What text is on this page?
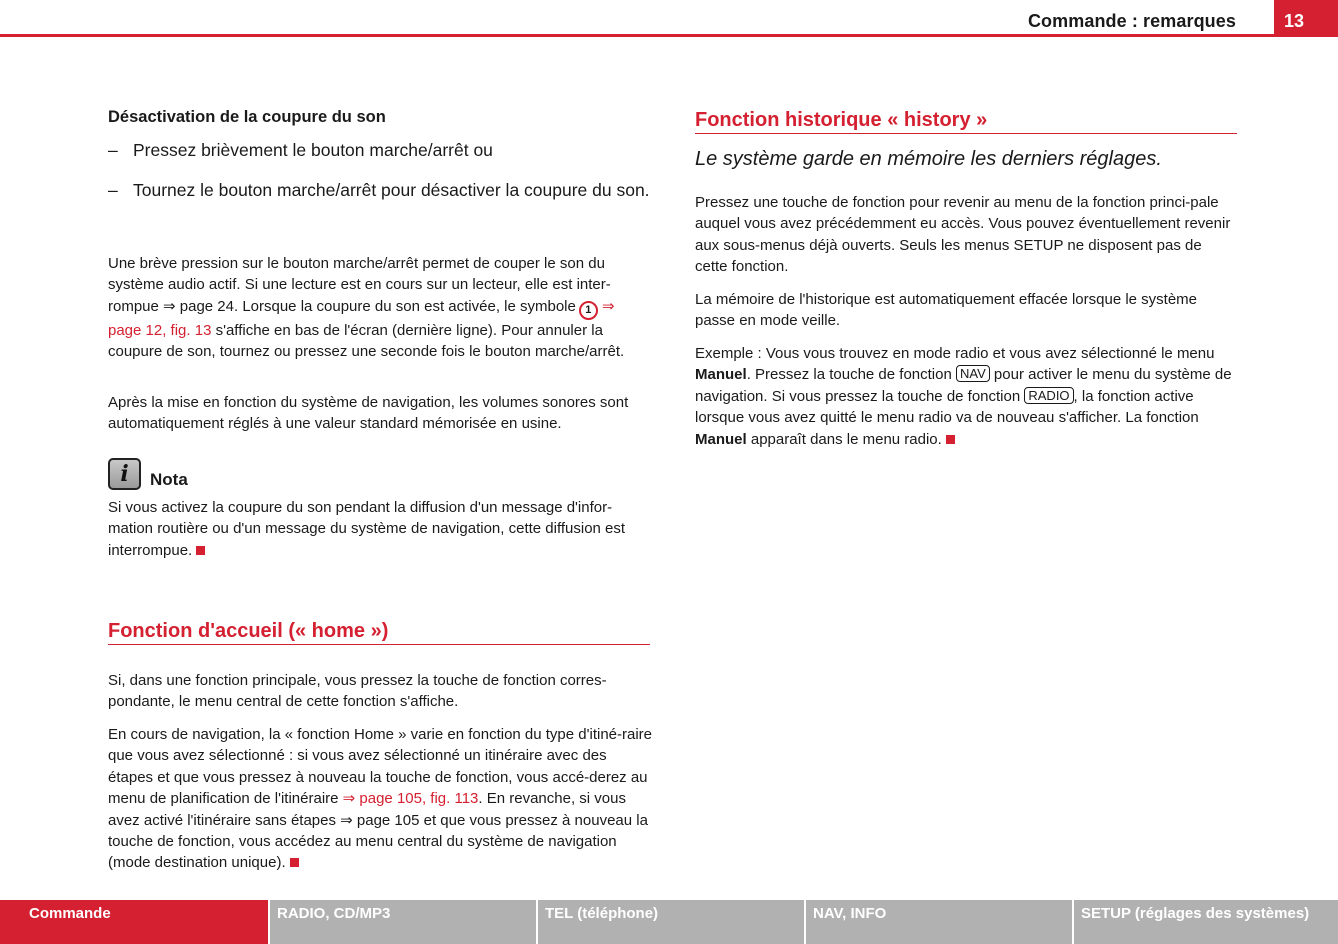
Commande : remarques	13
Désactivation de la coupure du son
– Pressez brièvement le bouton marche/arrêt ou
– Tournez le bouton marche/arrêt pour désactiver la coupure du son.
Une brève pression sur le bouton marche/arrêt permet de couper le son du système audio actif. Si une lecture est en cours sur un lecteur, elle est inter-rompue ⇒ page 24. Lorsque la coupure du son est activée, le symbole 1 ⇒ page 12, fig. 13 s'affiche en bas de l'écran (dernière ligne). Pour annuler la coupure de son, tournez ou pressez une seconde fois le bouton marche/arrêt.
Après la mise en fonction du système de navigation, les volumes sonores sont automatiquement réglés à une valeur standard mémorisée en usine.
i	Nota
Si vous activez la coupure du son pendant la diffusion d'un message d'infor-mation routière ou d'un message du système de navigation, cette diffusion est interrompue.
Fonction d'accueil (« home »)
Si, dans une fonction principale, vous pressez la touche de fonction corres-pondante, le menu central de cette fonction s'affiche.
En cours de navigation, la « fonction Home » varie en fonction du type d'itiné-raire que vous avez sélectionné : si vous avez sélectionné un itinéraire avec des étapes et que vous pressez à nouveau la touche de fonction, vous accé-derez au menu de planification de l'itinéraire ⇒ page 105, fig. 113. En revanche, si vous avez activé l'itinéraire sans étapes ⇒ page 105 et que vous pressez à nouveau la touche de fonction, vous accédez au menu central du système de navigation (mode destination unique).
Fonction historique « history »
Le système garde en mémoire les derniers réglages.
Pressez une touche de fonction pour revenir au menu de la fonction princi-pale auquel vous avez précédemment eu accès. Vous pouvez éventuellement revenir aux sous-menus déjà ouverts. Seuls les menus SETUP ne disposent pas de cette fonction.
La mémoire de l'historique est automatiquement effacée lorsque le système passe en mode veille.
Exemple : Vous vous trouvez en mode radio et vous avez sélectionné le menu Manuel. Pressez la touche de fonction NAV pour activer le menu du système de navigation. Si vous pressez la touche de fonction RADIO , la fonction active lorsque vous avez quitté le menu radio va de nouveau s'afficher. La fonction Manuel apparaît dans le menu radio.
Commande	RADIO, CD/MP3	TEL (téléphone)	NAV, INFO	SETUP (réglages des systèmes)
